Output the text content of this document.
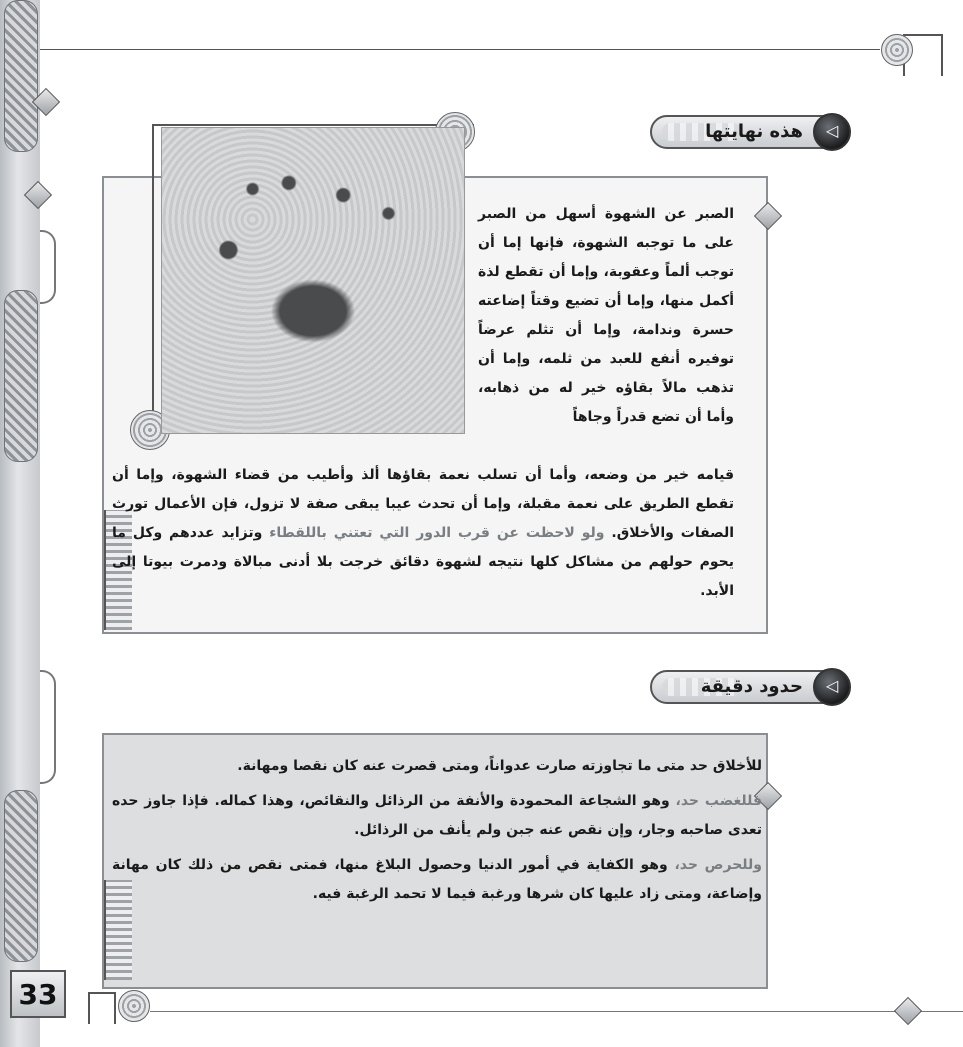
هذه نهايتها	◁
الصبر عن الشهوة أسهل من الصبر على ما توجبه الشهوة، فإنها إما أن توجب ألماً وعقوبة، وإما أن تقطع لذة أكمل منها، وإما أن تضيع وقتاً إضاعته حسرة وندامة، وإما أن تثلم عرضاً توفيره أنفع للعبد من ثلمه، وإما أن تذهب مالاً بقاؤه خير له من ذهابه، وأما أن تضع قدراً وجاهاً
قيامه خير من وضعه، وأما أن تسلب نعمة بقاؤها ألذ وأطيب من قضاء الشهوة، وإما أن تقطع الطريق على نعمة مقبلة، وإما أن تحدث عيبا يبقى صفة لا تزول، فإن الأعمال تورث الصفات والأخلاق. ولو لاحظت عن قرب الدور التي تعتني باللقطاء وتزايد عددهم وكل ما يحوم حولهم من مشاكل كلها نتيجه لشهوة دقائق خرجت بلا أدنى مبالاة ودمرت بيوتا إلى الأبد.
حدود دقيقة	◁

للأخلاق حد متى ما تجاوزته صارت عدواناً، ومتى قصرت عنه كان نقصا ومهانة.

فللغضب حد، وهو الشجاعة المحمودة والأنفة من الرذائل والنقائص، وهذا كماله. فإذا جاوز حده تعدى صاحبه وجار، وإن نقص عنه جبن ولم يأنف من الرذائل.

وللحرص حد، وهو الكفاية في أمور الدنيا وحصول البلاغ منها، فمتى نقص من ذلك كان مهانة وإضاعة، ومتى زاد عليها كان شرها ورغبة فيما لا تحمد الرغبة فيه.

33
